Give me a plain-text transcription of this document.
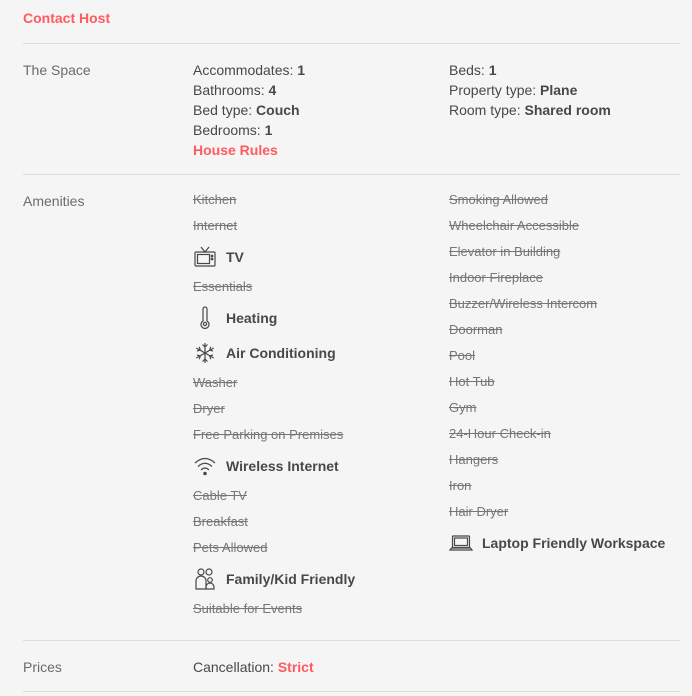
Contact Host
The Space	Accommodates: 1
Bathrooms: 4
Bed type: Couch
Bedrooms: 1
House Rules
Beds: 1
Property type: Plane
Room type: Shared room
Amenities	Kitchen
Internet
TV
Essentials
Heating
Air Conditioning
Washer
Dryer
Free Parking on Premises
Wireless Internet
Cable TV
Breakfast
Pets Allowed
Family/Kid Friendly
Suitable for Events
Smoking Allowed
Wheelchair Accessible
Elevator in Building
Indoor Fireplace
Buzzer/Wireless Intercom
Doorman
Pool
Hot Tub
Gym
24-Hour Check-in
Hangers
Iron
Hair Dryer
Laptop Friendly Workspace
Prices	Cancellation: Strict
